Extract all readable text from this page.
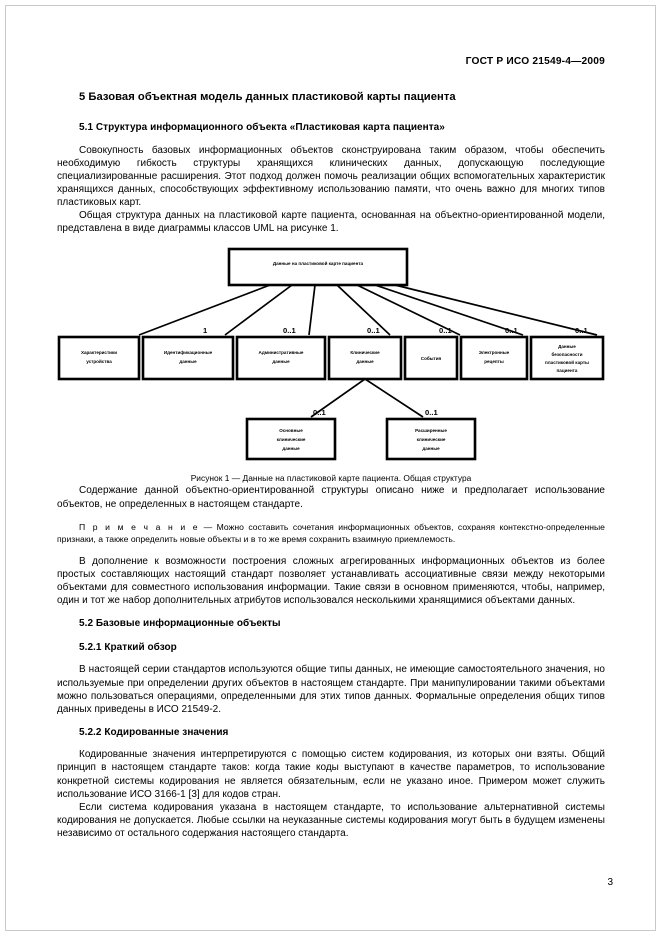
ГОСТ Р ИСО 21549-4—2009
5 Базовая объектная модель данных пластиковой карты пациента
5.1 Структура информационного объекта «Пластиковая карта пациента»

Совокупность базовых информационных объектов сконструирована таким образом, чтобы обеспечить необходимую гибкость структуры хранящихся клинических данных, допускающую последующие специализированные расширения. Этот подход должен помочь реализации общих вспомогательных характеристик хранящихся данных, способствующих эффективному использованию памяти, что очень важно для многих типов пластиковых карт.

Общая структура данных на пластиковой карте пациента, основанная на объектно-ориентированной модели, представлена в виде диаграммы классов UML на рисунке 1.

Данные на пластиковой карте пациента
1	0..1	0..1	0..1	0..1	0..1
Характеристики
устройства
Идентификационные
данные
Административные
данные
Клинические
данные
События
Электронные
рецепты
Данные
безопасности
пластиковой карты
пациента
0..1	0..1
Основные
клинические
данные
Расширенные
клинические
данные
Рисунок 1 — Данные на пластиковой карте пациента. Общая структура

Содержание данной объектно-ориентированной структуры описано ниже и предполагает использование объектов, не определенных в настоящем стандарте.

П р и м е ч а н и е — Можно составить сочетания информационных объектов, сохраняя контекстно-определенные признаки, а также определить новые объекты и в то же время сохранить взаимную приемлемость.

В дополнение к возможности построения сложных агрегированных информационных объектов из более простых составляющих настоящий стандарт позволяет устанавливать ассоциативные связи между некоторыми объектами для совместного использования информации. Такие связи в основном применяются, чтобы, например, один и тот же набор дополнительных атрибутов использовался несколькими хранящимися объектами данных.

5.2 Базовые информационные объекты
5.2.1 Краткий обзор

В настоящей серии стандартов используются общие типы данных, не имеющие самостоятельного значения, но используемые при определении других объектов в настоящем стандарте. При манипулировании такими объектами можно пользоваться операциями, определенными для этих типов данных. Формальные определения общих типов данных приведены в ИСО 21549-2.

5.2.2 Кодированные значения

Кодированные значения интерпретируются с помощью систем кодирования, из которых они взяты. Общий принцип в настоящем стандарте таков: когда такие коды выступают в качестве параметров, то использование конкретной системы кодирования не является обязательным, если не указано иное. Примером может служить использование ИСО 3166-1 [3] для кодов стран.

Если система кодирования указана в настоящем стандарте, то использование альтернативной системы кодирования не допускается. Любые ссылки на неуказанные системы кодирования могут быть в будущем изменены независимо от остального содержания настоящего стандарта.

3
